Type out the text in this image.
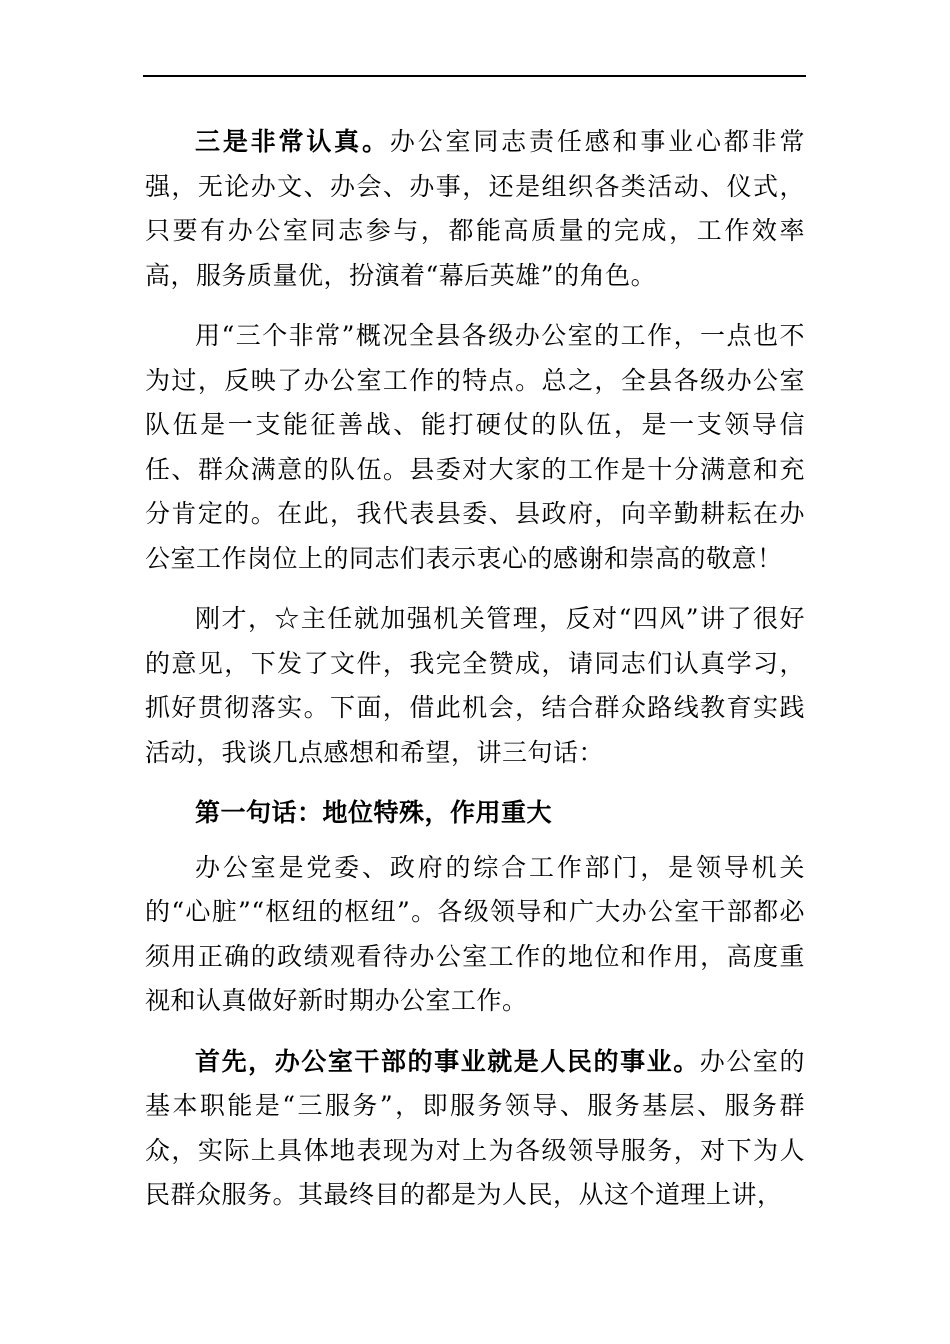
三是非常认真。办公室同志责任感和事业心都非常强，无论办文、办会、办事，还是组织各类活动、仪式，只要有办公室同志参与，都能高质量的完成，工作效率高，服务质量优，扮演着“幕后英雄”的角色。

用“三个非常”概况全县各级办公室的工作，一点也不为过，反映了办公室工作的特点。总之，全县各级办公室队伍是一支能征善战、能打硬仗的队伍，是一支领导信任、群众满意的队伍。县委对大家的工作是十分满意和充分肯定的。在此，我代表县委、县政府，向辛勤耕耘在办公室工作岗位上的同志们表示衷心的感谢和崇高的敬意！

刚才，☆主任就加强机关管理，反对“四风”讲了很好的意见，下发了文件，我完全赞成，请同志们认真学习，抓好贯彻落实。下面，借此机会，结合群众路线教育实践活动，我谈几点感想和希望，讲三句话：

第一句话：地位特殊，作用重大

办公室是党委、政府的综合工作部门，是领导机关的“心脏”“枢纽的枢纽”。各级领导和广大办公室干部都必须用正确的政绩观看待办公室工作的地位和作用，高度重视和认真做好新时期办公室工作。

首先，办公室干部的事业就是人民的事业。办公室的基本职能是“三服务”，即服务领导、服务基层、服务群众，实际上具体地表现为对上为各级领导服务，对下为人民群众服务。其最终目的都是为人民，从这个道理上讲，
